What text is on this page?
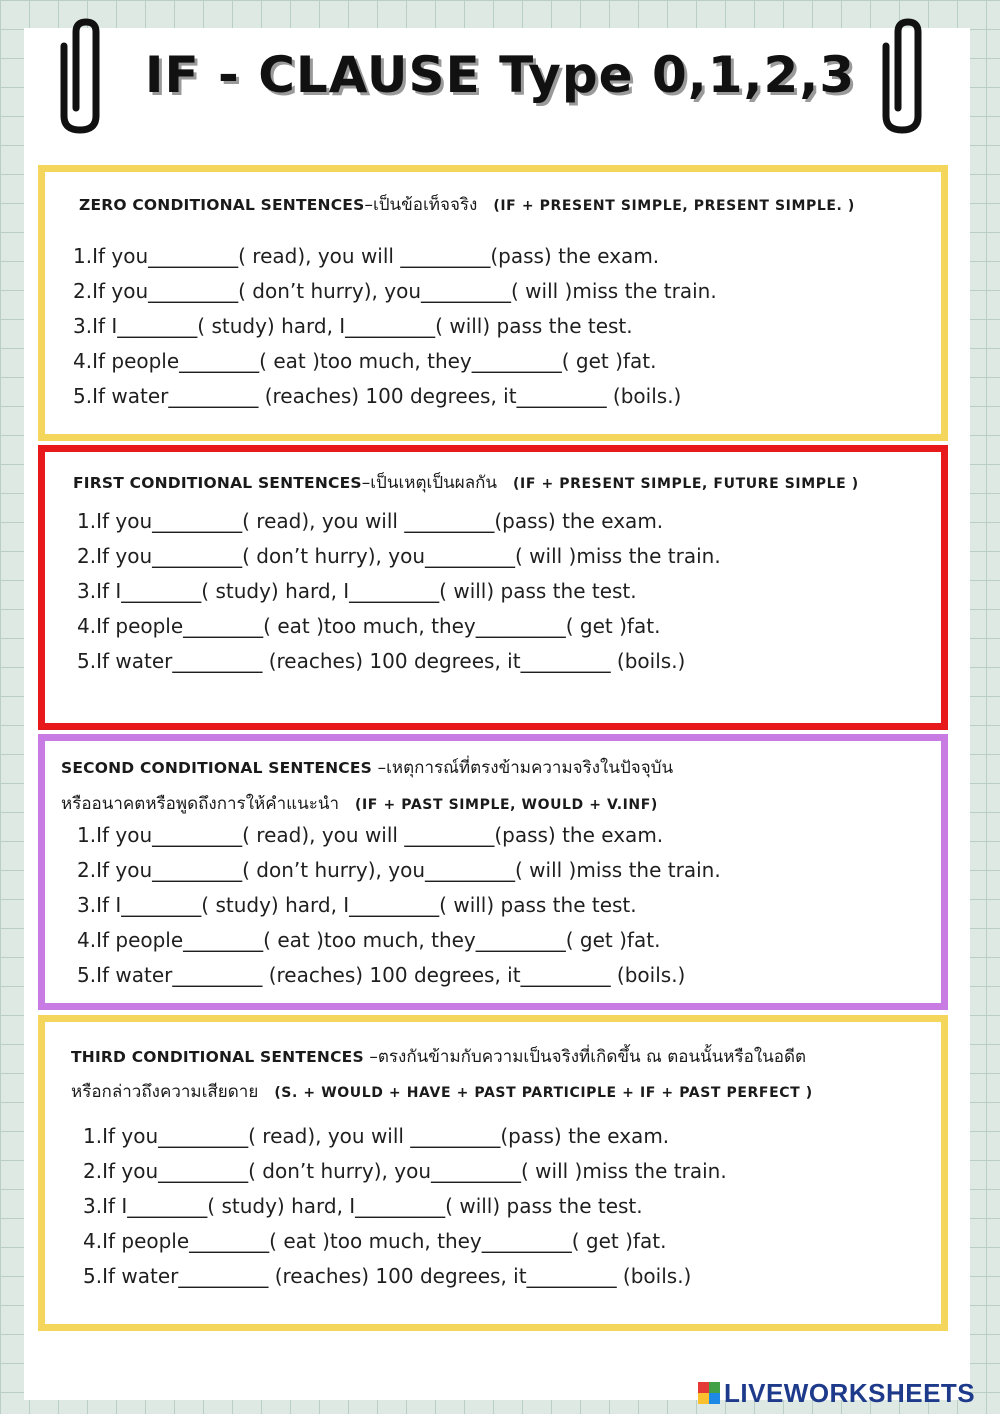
IF - CLAUSE Type 0,1,2,3
ZERO CONDITIONAL SENTENCES–เป็นข้อเท็จจริง (IF + PRESENT SIMPLE, PRESENT SIMPLE. )
1.If you_________( read), you will _________(pass) the exam.
2.If you_________( don’t hurry), you_________( will )miss the train.
3.If I________( study) hard, I_________( will) pass the test.
4.If people________( eat )too much, they_________( get )fat.
5.If water_________ (reaches) 100 degrees, it_________ (boils.)
FIRST CONDITIONAL SENTENCES–เป็นเหตุเป็นผลกัน (IF + PRESENT SIMPLE, FUTURE SIMPLE )
1.If you_________( read), you will _________(pass) the exam.
2.If you_________( don’t hurry), you_________( will )miss the train.
3.If I________( study) hard, I_________( will) pass the test.
4.If people________( eat )too much, they_________( get )fat.
5.If water_________ (reaches) 100 degrees, it_________ (boils.)
SECOND CONDITIONAL SENTENCES –เหตุการณ์ที่ตรงข้ามความจริงในปัจจุบัน
หรืออนาคตหรือพูดถึงการให้คำแนะนำ (IF + PAST SIMPLE, WOULD + V.INF)
1.If you_________( read), you will _________(pass) the exam.
2.If you_________( don’t hurry), you_________( will )miss the train.
3.If I________( study) hard, I_________( will) pass the test.
4.If people________( eat )too much, they_________( get )fat.
5.If water_________ (reaches) 100 degrees, it_________ (boils.)
THIRD CONDITIONAL SENTENCES –ตรงกันข้ามกับความเป็นจริงที่เกิดขึ้น ณ ตอนนั้นหรือในอดีต
หรือกล่าวถึงความเสียดาย (S. + WOULD + HAVE + PAST PARTICIPLE + IF + PAST PERFECT )
1.If you_________( read), you will _________(pass) the exam.
2.If you_________( don’t hurry), you_________( will )miss the train.
3.If I________( study) hard, I_________( will) pass the test.
4.If people________( eat )too much, they_________( get )fat.
5.If water_________ (reaches) 100 degrees, it_________ (boils.)
LIVEWORKSHEETS
